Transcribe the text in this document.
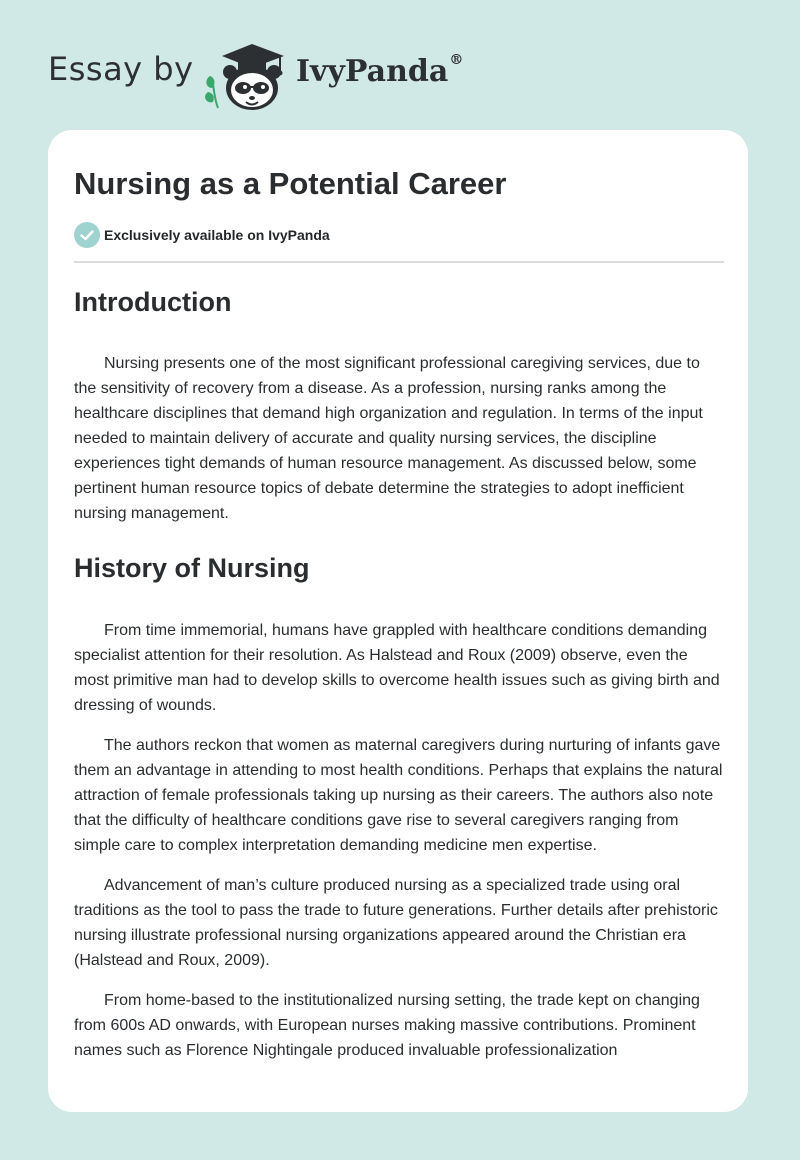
Essay by	IvyPanda®
Nursing as a Potential Career
Exclusively available on IvyPanda
Introduction

Nursing presents one of the most significant professional caregiving services, due to the sensitivity of recovery from a disease. As a profession, nursing ranks among the healthcare disciplines that demand high organization and regulation. In terms of the input needed to maintain delivery of accurate and quality nursing services, the discipline experiences tight demands of human resource management. As discussed below, some pertinent human resource topics of debate determine the strategies to adopt inefficient nursing management.

History of Nursing

From time immemorial, humans have grappled with healthcare conditions demanding specialist attention for their resolution. As Halstead and Roux (2009) observe, even the most primitive man had to develop skills to overcome health issues such as giving birth and dressing of wounds.

The authors reckon that women as maternal caregivers during nurturing of infants gave them an advantage in attending to most health conditions. Perhaps that explains the natural attraction of female professionals taking up nursing as their careers. The authors also note that the difficulty of healthcare conditions gave rise to several caregivers ranging from simple care to complex interpretation demanding medicine men expertise.

Advancement of man’s culture produced nursing as a specialized trade using oral traditions as the tool to pass the trade to future generations. Further details after prehistoric nursing illustrate professional nursing organizations appeared around the Christian era (Halstead and Roux, 2009).

From home-based to the institutionalized nursing setting, the trade kept on changing from 600s AD onwards, with European nurses making massive contributions. Prominent names such as Florence Nightingale produced invaluable professionalization
